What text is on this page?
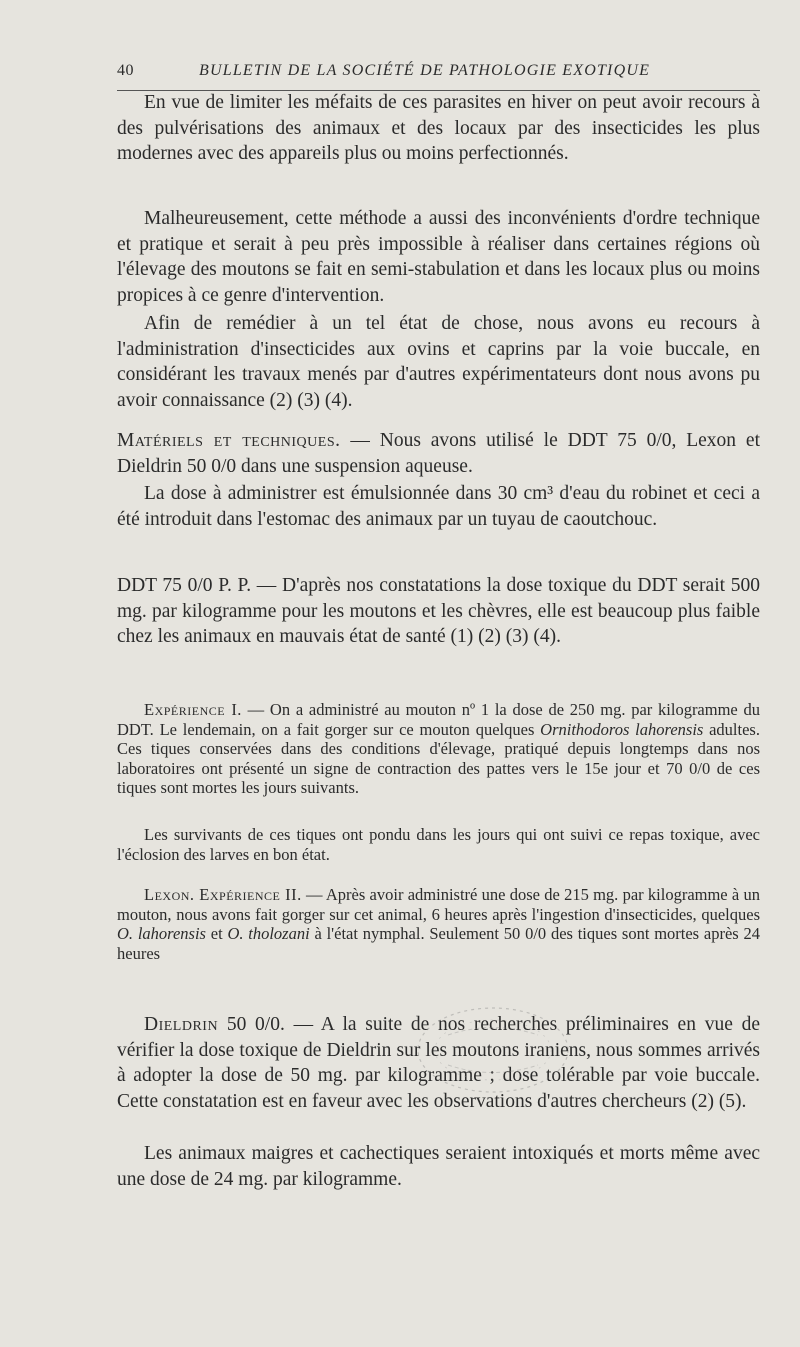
40	BULLETIN DE LA SOCIÉTÉ DE PATHOLOGIE EXOTIQUE

En vue de limiter les méfaits de ces parasites en hiver on peut avoir recours à des pulvérisations des animaux et des locaux par des insecticides les plus modernes avec des appareils plus ou moins perfectionnés.

Malheureusement, cette méthode a aussi des inconvénients d'ordre technique et pratique et serait à peu près impossible à réaliser dans certaines régions où l'élevage des moutons se fait en semi-stabulation et dans les locaux plus ou moins propices à ce genre d'intervention.

Afin de remédier à un tel état de chose, nous avons eu recours à l'administration d'insecticides aux ovins et caprins par la voie buccale, en considérant les travaux menés par d'autres expérimentateurs dont nous avons pu avoir connaissance (2) (3) (4).

Matériels et techniques. — Nous avons utilisé le DDT 75 0/0, Lexon et Dieldrin 50 0/0 dans une suspension aqueuse.

La dose à administrer est émulsionnée dans 30 cm³ d'eau du robinet et ceci a été introduit dans l'estomac des animaux par un tuyau de caoutchouc.

DDT 75 0/0 P. P. — D'après nos constatations la dose toxique du DDT serait 500 mg. par kilogramme pour les moutons et les chèvres, elle est beaucoup plus faible chez les animaux en mauvais état de santé (1) (2) (3) (4).

Expérience I. — On a administré au mouton nº 1 la dose de 250 mg. par kilogramme du DDT. Le lendemain, on a fait gorger sur ce mouton quelques Ornithodoros lahorensis adultes. Ces tiques conservées dans des conditions d'élevage, pratiqué depuis longtemps dans nos laboratoires ont présenté un signe de contraction des pattes vers le 15e jour et 70 0/0 de ces tiques sont mortes les jours suivants.

Les survivants de ces tiques ont pondu dans les jours qui ont suivi ce repas toxique, avec l'éclosion des larves en bon état.

Lexon. Expérience II. — Après avoir administré une dose de 215 mg. par kilogramme à un mouton, nous avons fait gorger sur cet animal, 6 heures après l'ingestion d'insecticides, quelques O. lahorensis et O. tholozani à l'état nymphal. Seulement 50 0/0 des tiques sont mortes après 24 heures

Dieldrin 50 0/0. — A la suite de nos recherches préliminaires en vue de vérifier la dose toxique de Dieldrin sur les moutons iraniens, nous sommes arrivés à adopter la dose de 50 mg. par kilogramme ; dose tolérable par voie buccale. Cette constatation est en faveur avec les observations d'autres chercheurs (2) (5).

Les animaux maigres et cachectiques seraient intoxiqués et morts même avec une dose de 24 mg. par kilogramme.
